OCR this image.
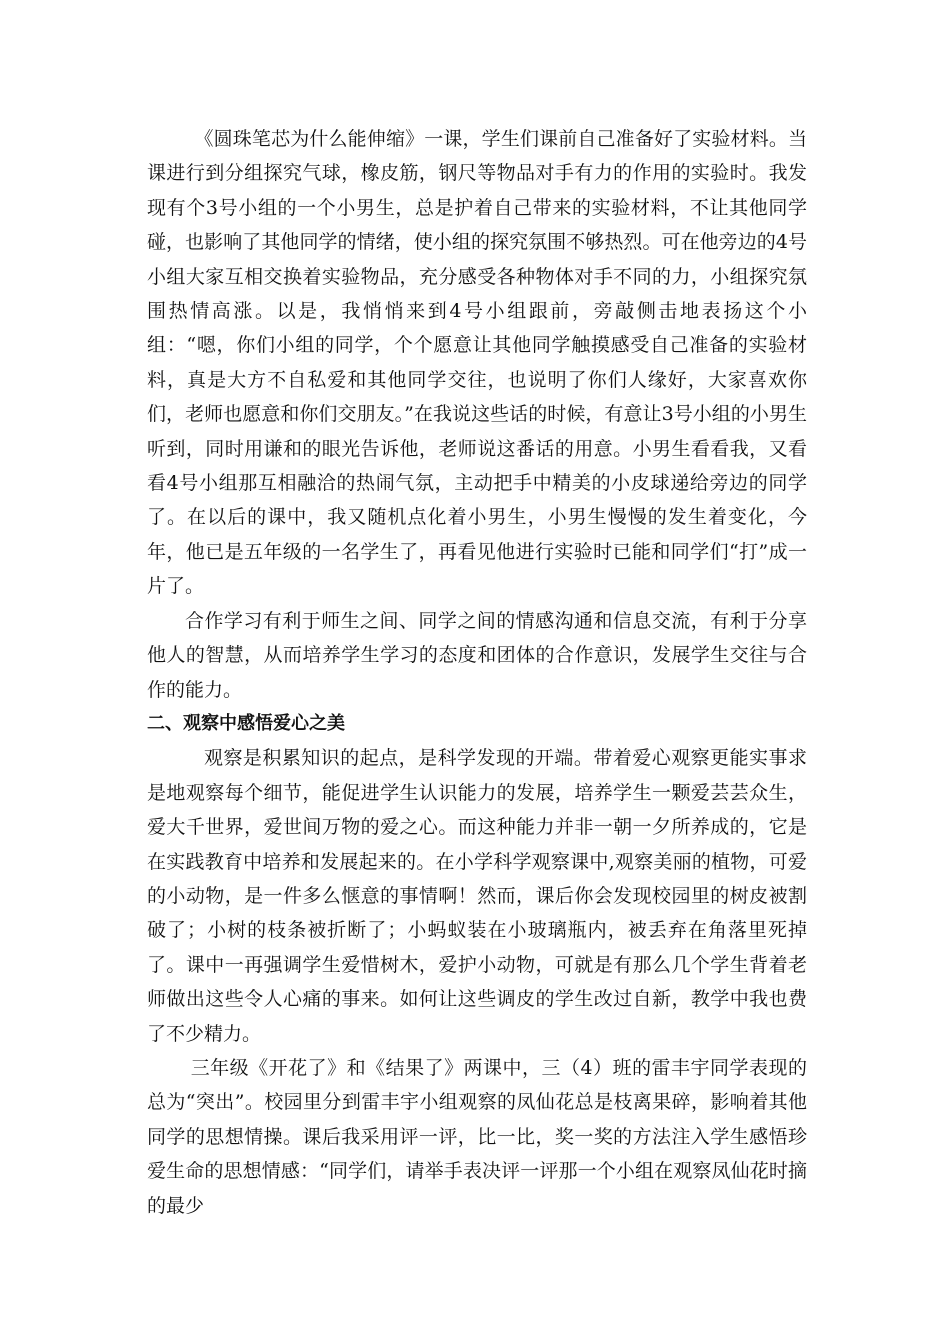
《圆珠笔芯为什么能伸缩》一课，学生们课前自己准备好了实验材料。当课进行到分组探究气球，橡皮筋，钢尺等物品对手有力的作用的实验时。我发现有个3号小组的一个小男生，总是护着自己带来的实验材料，不让其他同学碰，也影响了其他同学的情绪，使小组的探究氛围不够热烈。可在他旁边的4号小组大家互相交换着实验物品，充分感受各种物体对手不同的力，小组探究氛围热情高涨。以是，我悄悄来到4号小组跟前，旁敲侧击地表扬这个小组：“嗯，你们小组的同学，个个愿意让其他同学触摸感受自己准备的实验材料，真是大方不自私爱和其他同学交往，也说明了你们人缘好，大家喜欢你们，老师也愿意和你们交朋友。”在我说这些话的时候，有意让3号小组的小男生听到，同时用谦和的眼光告诉他，老师说这番话的用意。小男生看看我，又看看4号小组那互相融洽的热闹气氛，主动把手中精美的小皮球递给旁边的同学了。在以后的课中，我又随机点化着小男生，小男生慢慢的发生着变化，今年，他已是五年级的一名学生了，再看见他进行实验时已能和同学们“打”成一片了。

合作学习有利于师生之间、同学之间的情感沟通和信息交流，有利于分享他人的智慧，从而培养学生学习的态度和团体的合作意识，发展学生交往与合作的能力。

二、观察中感悟爱心之美

观察是积累知识的起点，是科学发现的开端。带着爱心观察更能实事求是地观察每个细节，能促进学生认识能力的发展，培养学生一颗爱芸芸众生，爱大千世界，爱世间万物的爱之心。而这种能力并非一朝一夕所养成的，它是在实践教育中培养和发展起来的。在小学科学观察课中,观察美丽的植物，可爱的小动物，是一件多么惬意的事情啊！然而，课后你会发现校园里的树皮被割破了；小树的枝条被折断了；小蚂蚁装在小玻璃瓶内，被丢弃在角落里死掉了。课中一再强调学生爱惜树木，爱护小动物，可就是有那么几个学生背着老师做出这些令人心痛的事来。如何让这些调皮的学生改过自新，教学中我也费了不少精力。

三年级《开花了》和《结果了》两课中，三（4）班的雷丰宇同学表现的总为“突出”。校园里分到雷丰宇小组观察的凤仙花总是枝离果碎，影响着其他同学的思想情操。课后我采用评一评，比一比，奖一奖的方法注入学生感悟珍爱生命的思想情感：“同学们，请举手表决评一评那一个小组在观察凤仙花时摘的最少
